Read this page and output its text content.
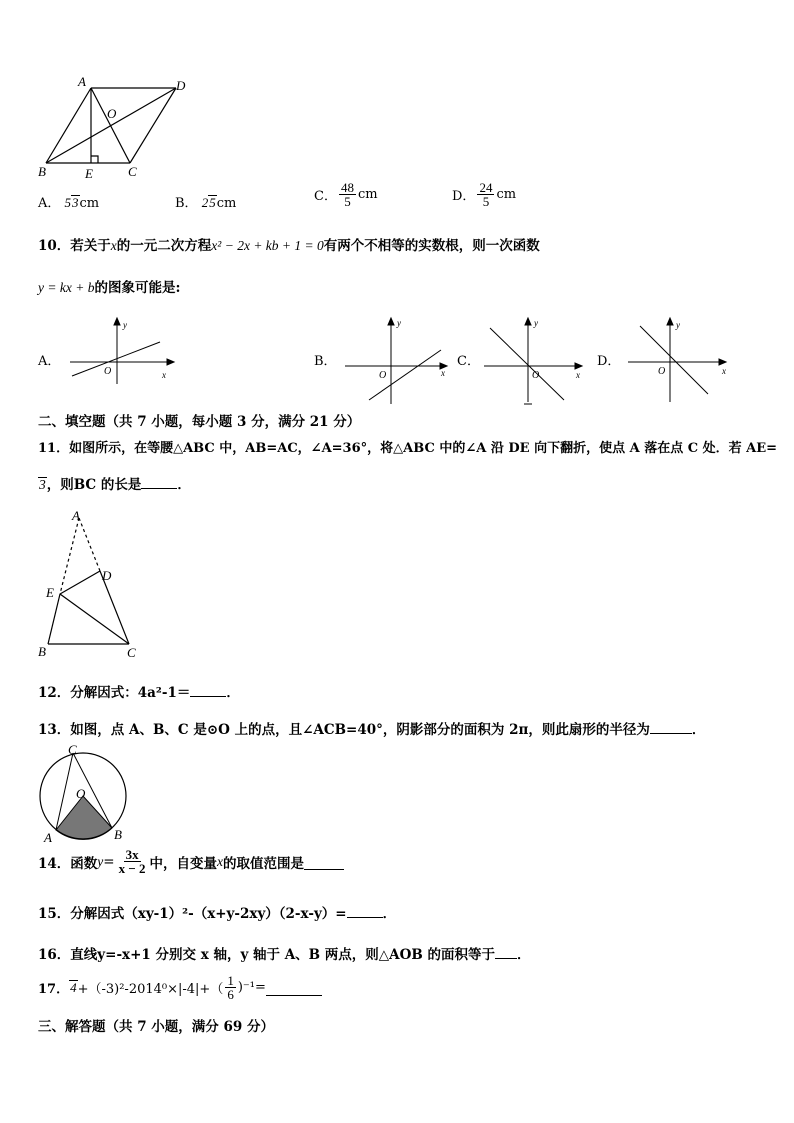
A	D
O
B	E	C
A． 53cm	B． 25cm	C． $\frac{48}{5}$ cm	D． $\frac{24}{5}$ cm
10．若关于x的一元二次方程x² − 2x + kb + 1 = 0有两个不相等的实数根，则一次函数
y = kx + b的图象可能是:
A．
y
O	x
B．
y
O	x
C．
y
O	x
D．
y
O	x
二、填空题（共 7 小题，每小题 3 分，满分 21 分）
11．如图所示，在等腰△ABC 中，AB=AC，∠A=36°，将△ABC 中的∠A 沿 DE 向下翻折，使点 A 落在点 C 处．若 AE=
3，则BC 的长是	．
A
D
E
B	C
12．分解因式：4a²-1＝	．
13．如图，点 A、B、C 是⊙O 上的点，且∠ACB=40°，阴影部分的面积为 2π，则此扇形的半径为	．
C
O
A	B
14．函数 $y = \frac{3x}{x - 2}$ 中，自变量 x 的取值范围是
15．分解因式（xy-1）²-（x+y-2xy）（2-x-y）=	．
16．直线y=-x+1 分别交 x 轴，y 轴于 A、B 两点，则△AOB 的面积等于 ．
17． $4 +(-3)^2-2014^0\times|-4|+( \frac{1}{6} )^{-1}=$
三、解答题（共 7 小题，满分 69 分）
